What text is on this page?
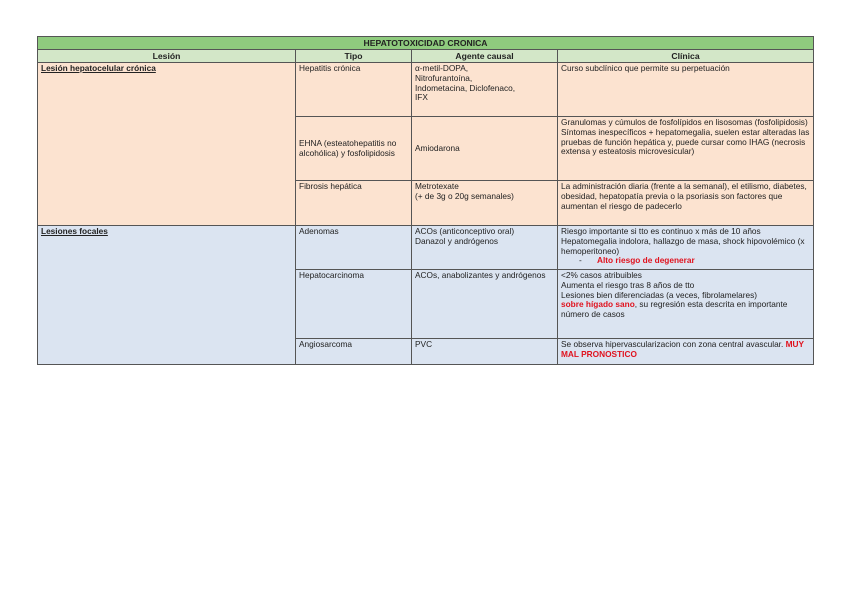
HEPATOTOXICIDAD CRONICA			
Lesión	Tipo	Agente causal	Clínica
Lesión hepatocelular crónica	Hepatitis crónica	α-metil-DOPA,
Nitrofurantoína,
Indometacina, Diclofenaco,
IFX	Curso subclínico que permite su perpetuación

	EHNA (esteatohepatitis no alcohólica) y fosfolipidosis	Amiodarona	Granulomas y cúmulos de fosfolípidos en lisosomas (fosfolipidosis)
Síntomas inespecíficos + hepatomegalia, suelen estar alteradas las pruebas de función hepática y, puede cursar como IHAG (necrosis extensa y esteatosis microvesicular)

	Fibrosis hepática	Metrotexate
(+ de 3g o 20g semanales)	La administración diaria (frente a la semanal), el etilismo, diabetes, obesidad, hepatopatía previa o la psoriasis son factores que aumentan el riesgo de padecerlo

Lesiones focales	Adenomas	ACOs (anticonceptivo oral)
Danazol y andrógenos	Riesgo importante si tto es continuo x más de 10 años
Hepatomegalia indolora, hallazgo de masa, shock hipovolémico (x hemoperitoneo)
- Alto riesgo de degenerar

	Hepatocarcinoma	ACOs, anabolizantes y andrógenos	<2% casos atribuibles
Aumenta el riesgo tras 8 años de tto
Lesiones bien diferenciadas (a veces, fibrolamelares)
sobre hígado sano, su regresión esta descrita en importante número de casos

	Angiosarcoma	PVC	Se observa hipervascularizacion con zona central avascular. MUY MAL PRONOSTICO
